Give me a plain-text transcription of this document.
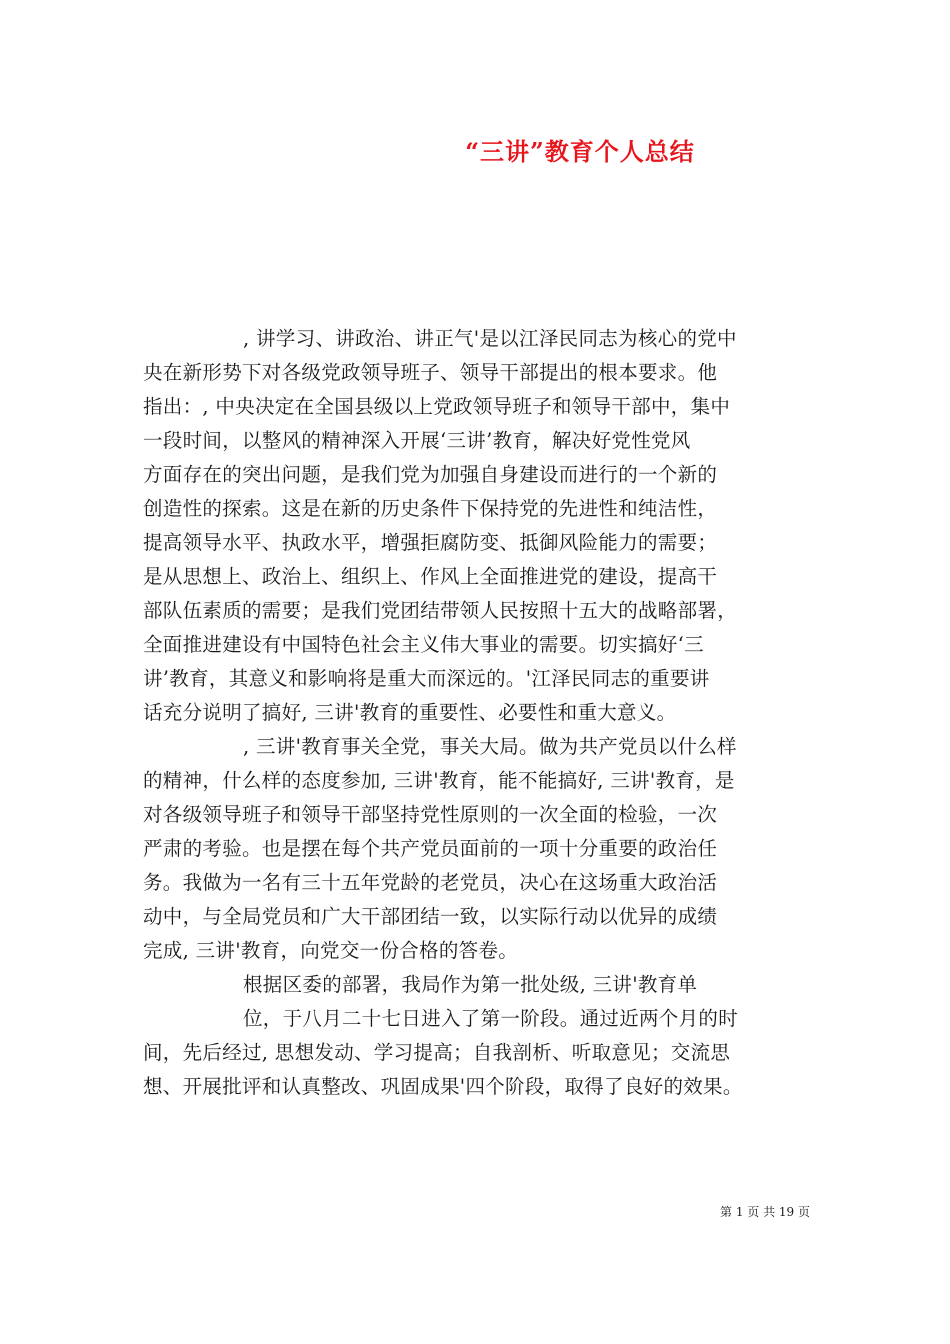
“三讲”教育个人总结
, 讲学习、讲政治、讲正气'是以江泽民同志为核心的党中
央在新形势下对各级党政领导班子、领导干部提出的根本要求。他
指出：, 中央决定在全国县级以上党政领导班子和领导干部中，集中
一段时间，以整风的精神深入开展‘三讲’教育，解决好党性党风
方面存在的突出问题，是我们党为加强自身建设而进行的一个新的
创造性的探索。这是在新的历史条件下保持党的先进性和纯洁性，
提高领导水平、执政水平，增强拒腐防变、抵御风险能力的需要；
是从思想上、政治上、组织上、作风上全面推进党的建设，提高干
部队伍素质的需要；是我们党团结带领人民按照十五大的战略部署，
全面推进建设有中国特色社会主义伟大事业的需要。切实搞好‘三
讲’教育，其意义和影响将是重大而深远的。'江泽民同志的重要讲
话充分说明了搞好, 三讲'教育的重要性、必要性和重大意义。
, 三讲'教育事关全党，事关大局。做为共产党员以什么样
的精神，什么样的态度参加, 三讲'教育，能不能搞好, 三讲'教育，是
对各级领导班子和领导干部坚持党性原则的一次全面的检验，一次
严肃的考验。也是摆在每个共产党员面前的一项十分重要的政治任
务。我做为一名有三十五年党龄的老党员，决心在这场重大政治活
动中，与全局党员和广大干部团结一致，以实际行动以优异的成绩
完成, 三讲'教育，向党交一份合格的答卷。
根据区委的部署，我局作为第一批处级, 三讲'教育单
位，于八月二十七日进入了第一阶段。通过近两个月的时
间，先后经过, 思想发动、学习提高；自我剖析、听取意见；交流思
想、开展批评和认真整改、巩固成果'四个阶段，取得了良好的效果。
第 1 页 共 19 页
